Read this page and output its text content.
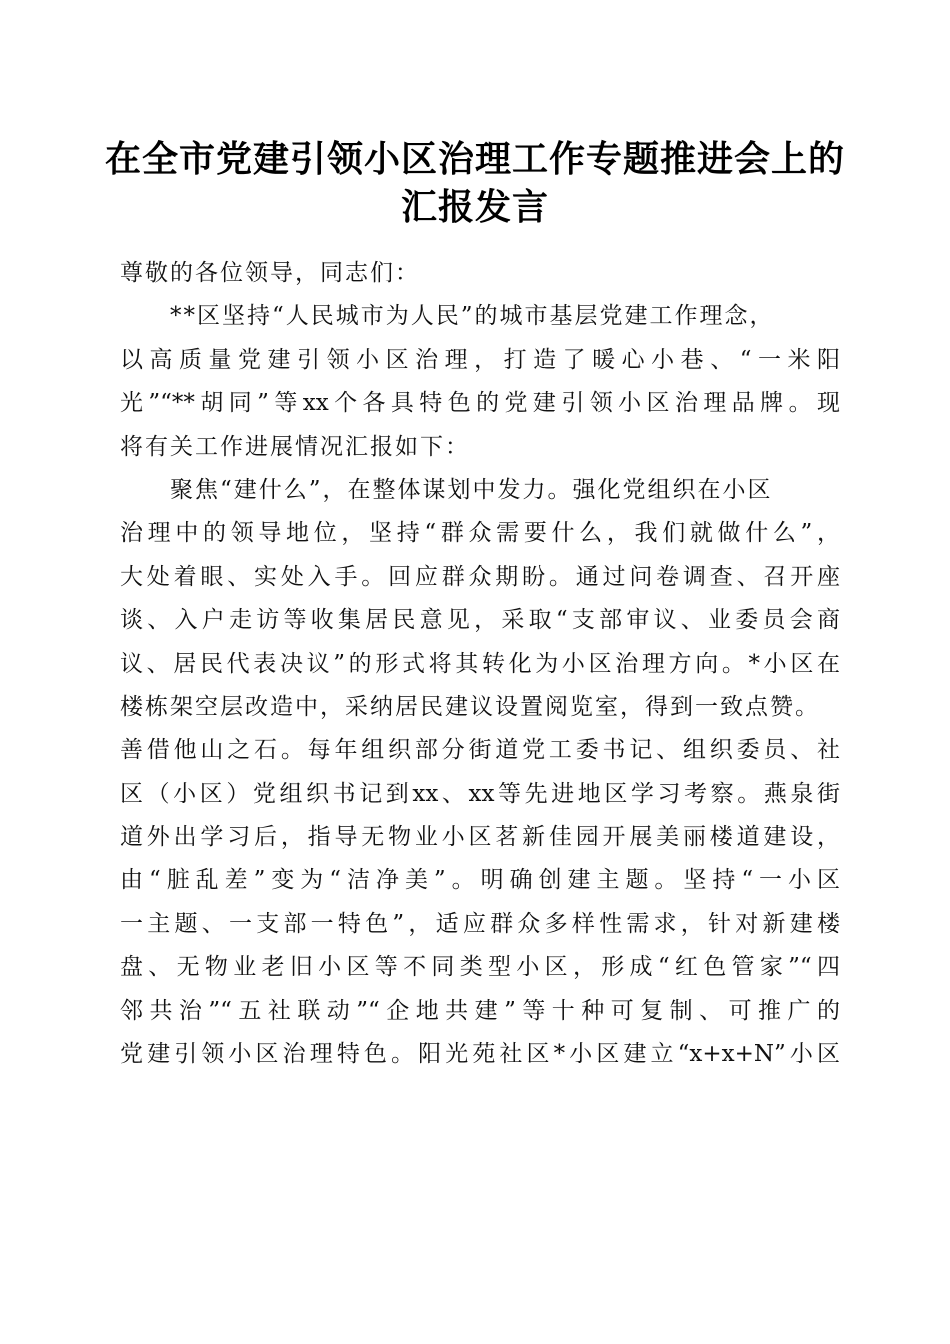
在全市党建引领小区治理工作专题推进会上的
汇报发言
尊敬的各位领导，同志们：
**区坚持“人民城市为人民”的城市基层党建工作理念，
以高质量党建引领小区治理，打造了暖心小巷、“一米阳
光”“**胡同”等xx个各具特色的党建引领小区治理品牌。现
将有关工作进展情况汇报如下：
聚焦“建什么”，在整体谋划中发力。强化党组织在小区
治理中的领导地位，坚持“群众需要什么，我们就做什么”，
大处着眼、实处入手。回应群众期盼。通过问卷调查、召开座
谈、入户走访等收集居民意见，采取“支部审议、业委员会商
议、居民代表决议”的形式将其转化为小区治理方向。*小区在
楼栋架空层改造中，采纳居民建议设置阅览室，得到一致点赞。
善借他山之石。每年组织部分街道党工委书记、组织委员、社
区（小区）党组织书记到xx、xx等先进地区学习考察。燕泉街
道外出学习后，指导无物业小区茗新佳园开展美丽楼道建设，
由“脏乱差”变为“洁净美”。明确创建主题。坚持“一小区
一主题、一支部一特色”，适应群众多样性需求，针对新建楼
盘、无物业老旧小区等不同类型小区，形成“红色管家”“四
邻共治”“五社联动”“企地共建”等十种可复制、可推广的
党建引领小区治理特色。阳光苑社区*小区建立“x+x+N”小区
